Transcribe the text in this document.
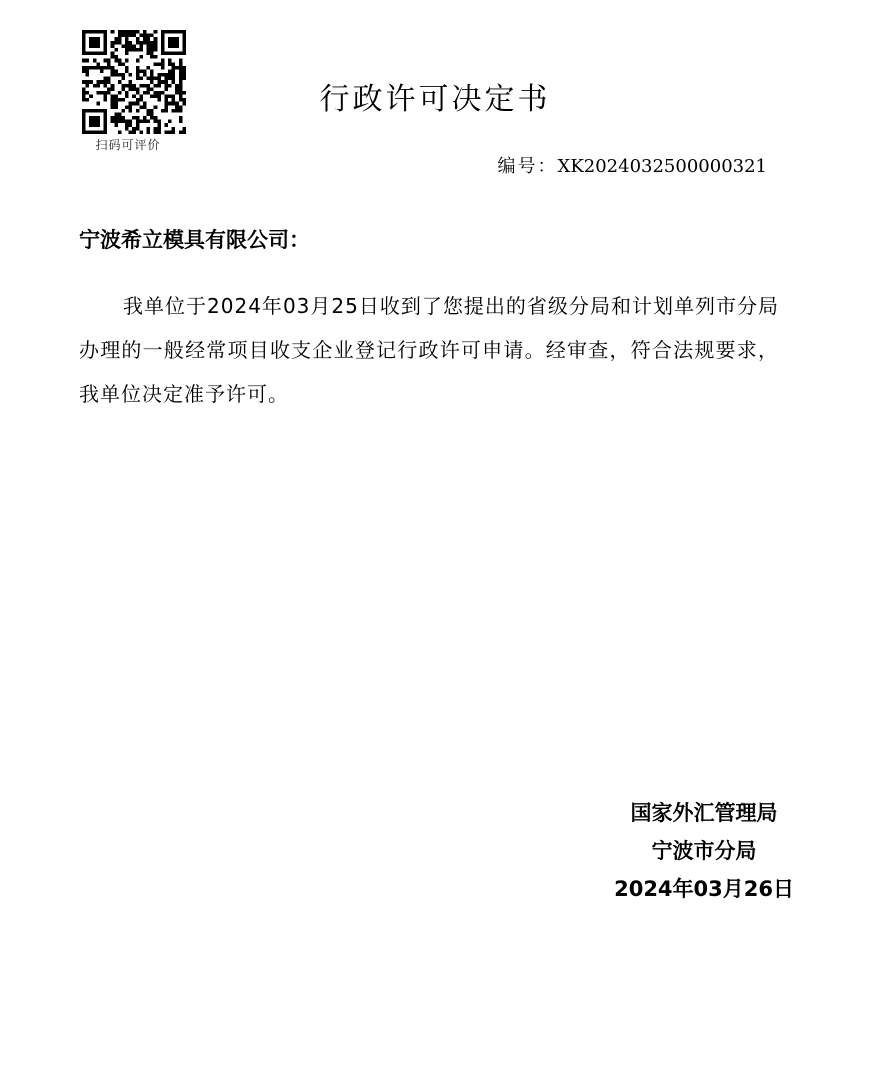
扫码可评价
行政许可决定书
编号：XK2024032500000321
宁波希立模具有限公司：
我单位于2024年03月25日收到了您提出的省级分局和计划单列市分局办理的一般经常项目收支企业登记行政许可申请。经审查，符合法规要求，我单位决定准予许可。
国家外汇管理局
宁波市分局
2024年03月26日
